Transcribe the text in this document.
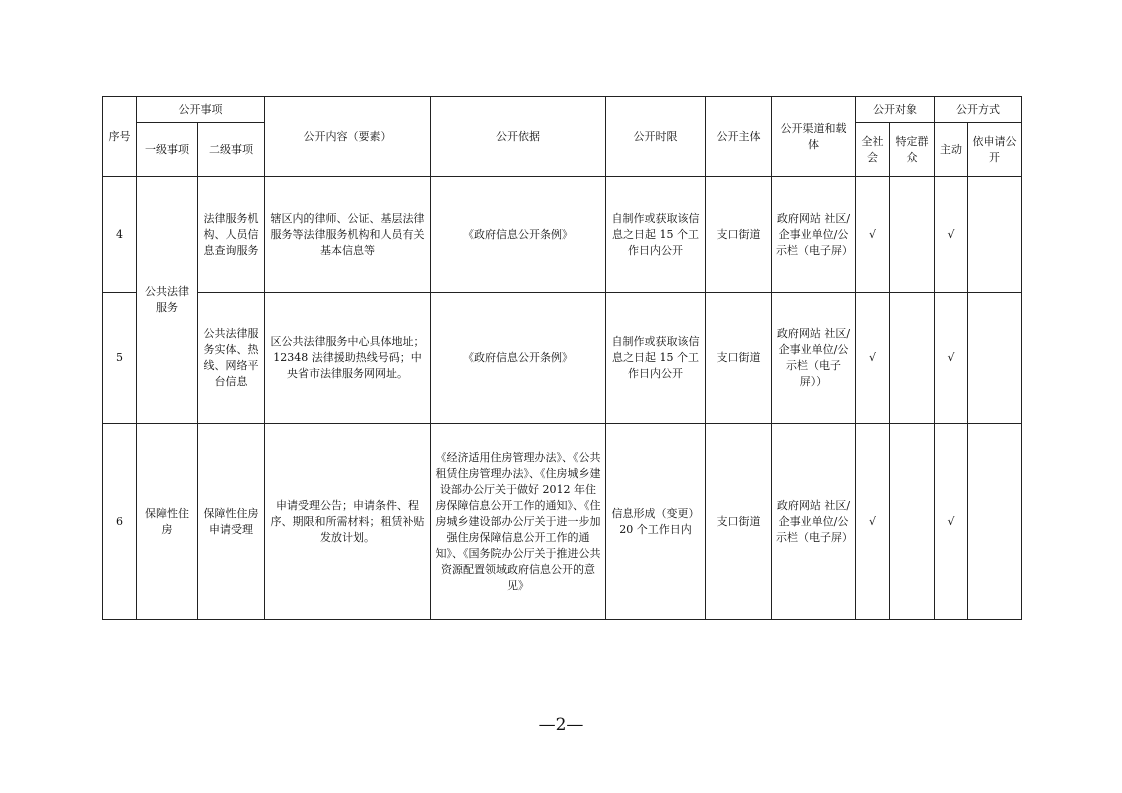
序号	公开事项		公开内容（要素）	公开依据	公开时限	公开主体	公开渠道和载体	公开对象		公开方式	
	一级事项	二级事项						全社会	特定群众	主动	依申请公开
4	公共法律服务	法律服务机构、人员信息查询服务	辖区内的律师、公证、基层法律服务等法律服务机构和人员有关基本信息等	《政府信息公开条例》	自制作或获取该信息之日起 15 个工作日内公开	支口街道	政府网站 社区/企事业单位/公示栏（电子屏）	√		√	
5		公共法律服务实体、热线、网络平台信息	区公共法律服务中心具体地址；12348 法律援助热线号码；中央省市法律服务网网址。	《政府信息公开条例》	自制作或获取该信息之日起 15 个工作日内公开	支口街道	政府网站 社区/企事业单位/公示栏（电子屏））	√		√	
6	保障性住房	保障性住房申请受理	申请受理公告；申请条件、程序、期限和所需材料；租赁补贴发放计划。	《经济适用住房管理办法》、《公共租赁住房管理办法》、《住房城乡建设部办公厅关于做好 2012 年住房保障信息公开工作的通知》、《住房城乡建设部办公厅关于进一步加强住房保障信息公开工作的通知》、《国务院办公厅关于推进公共资源配置领域政府信息公开的意见》	信息形成（变更）20 个工作日内	支口街道	政府网站 社区/企事业单位/公示栏（电子屏）	√		√	
—2—
